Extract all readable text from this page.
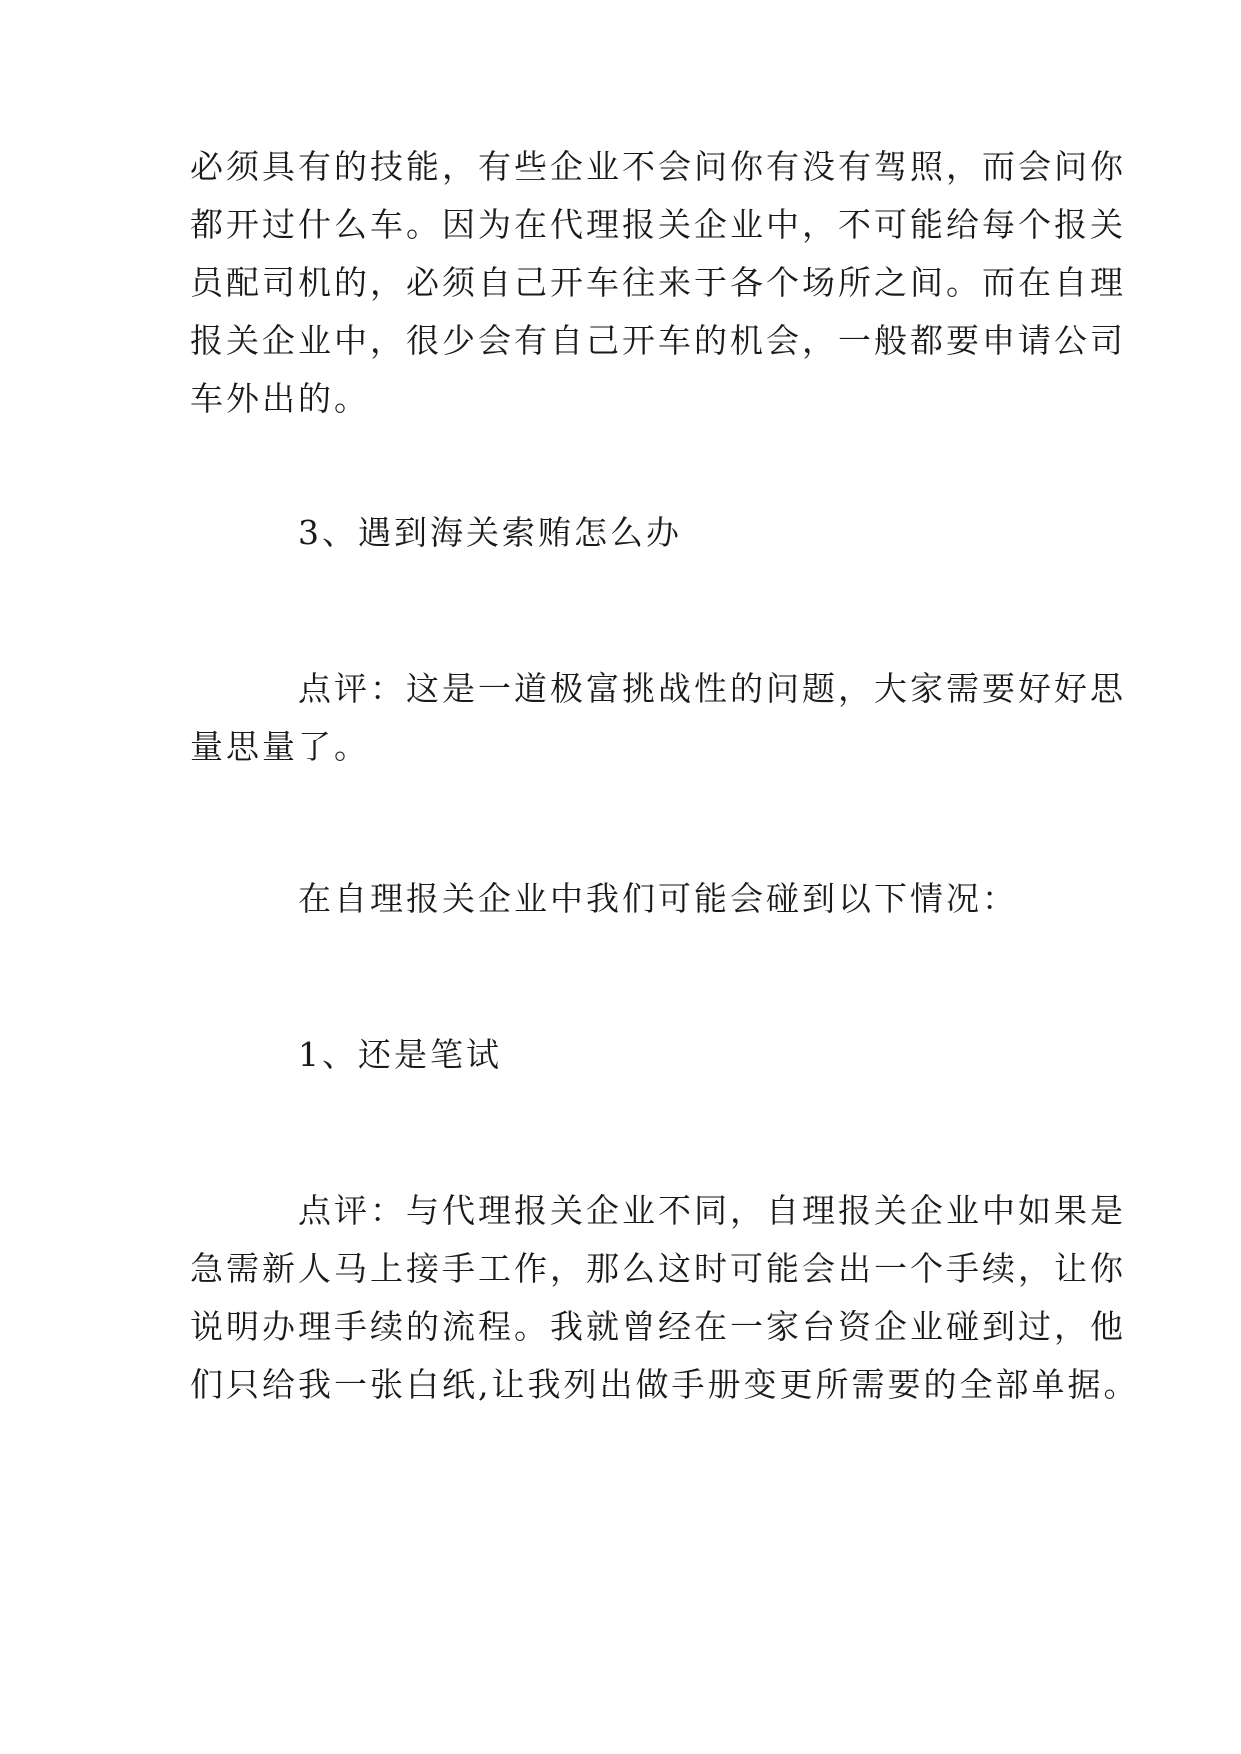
必须具有的技能，有些企业不会问你有没有驾照，而会问你
都开过什么车。因为在代理报关企业中，不可能给每个报关
员配司机的，必须自己开车往来于各个场所之间。而在自理
报关企业中，很少会有自己开车的机会，一般都要申请公司
车外出的。
3、遇到海关索贿怎么办
点评：这是一道极富挑战性的问题，大家需要好好思
量思量了。
在自理报关企业中我们可能会碰到以下情况：
1、还是笔试
点评：与代理报关企业不同，自理报关企业中如果是
急需新人马上接手工作，那么这时可能会出一个手续，让你
说明办理手续的流程。我就曾经在一家台资企业碰到过，他
们只给我一张白纸,让我列出做手册变更所需要的全部单据。
